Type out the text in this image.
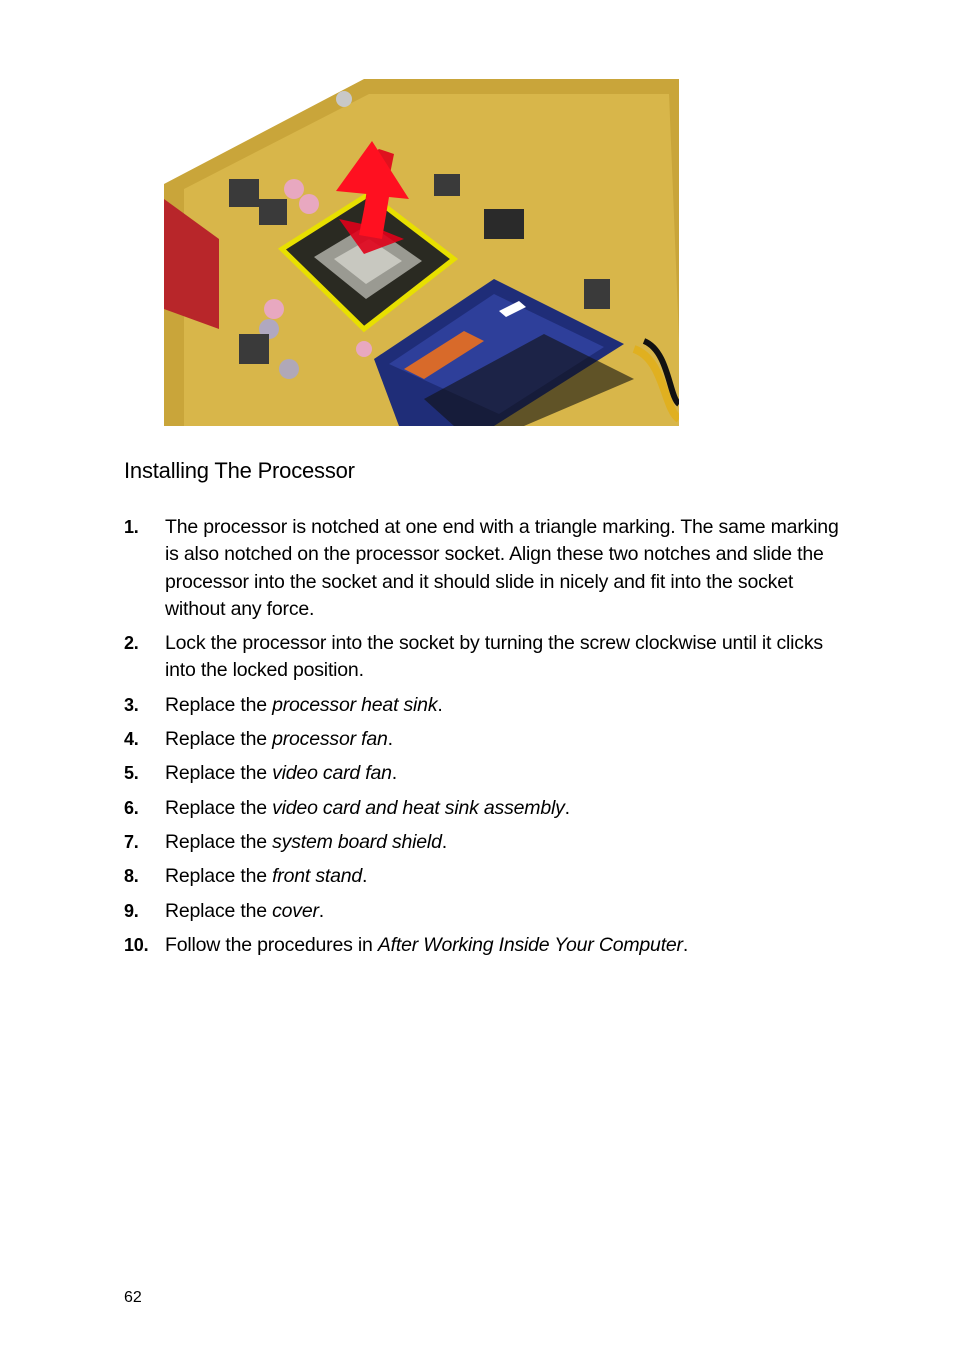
Installing The Processor
1. The processor is notched at one end with a triangle marking. The same marking is also notched on the processor socket. Align these two notches and slide the processor into the socket and it should slide in nicely and fit into the socket without any force.
2. Lock the processor into the socket by turning the screw clockwise until it clicks into the locked position.
3. Replace the processor heat sink.
4. Replace the processor fan.
5. Replace the video card fan.
6. Replace the video card and heat sink assembly.
7. Replace the system board shield.
8. Replace the front stand.
9. Replace the cover.
10. Follow the procedures in After Working Inside Your Computer.
62
